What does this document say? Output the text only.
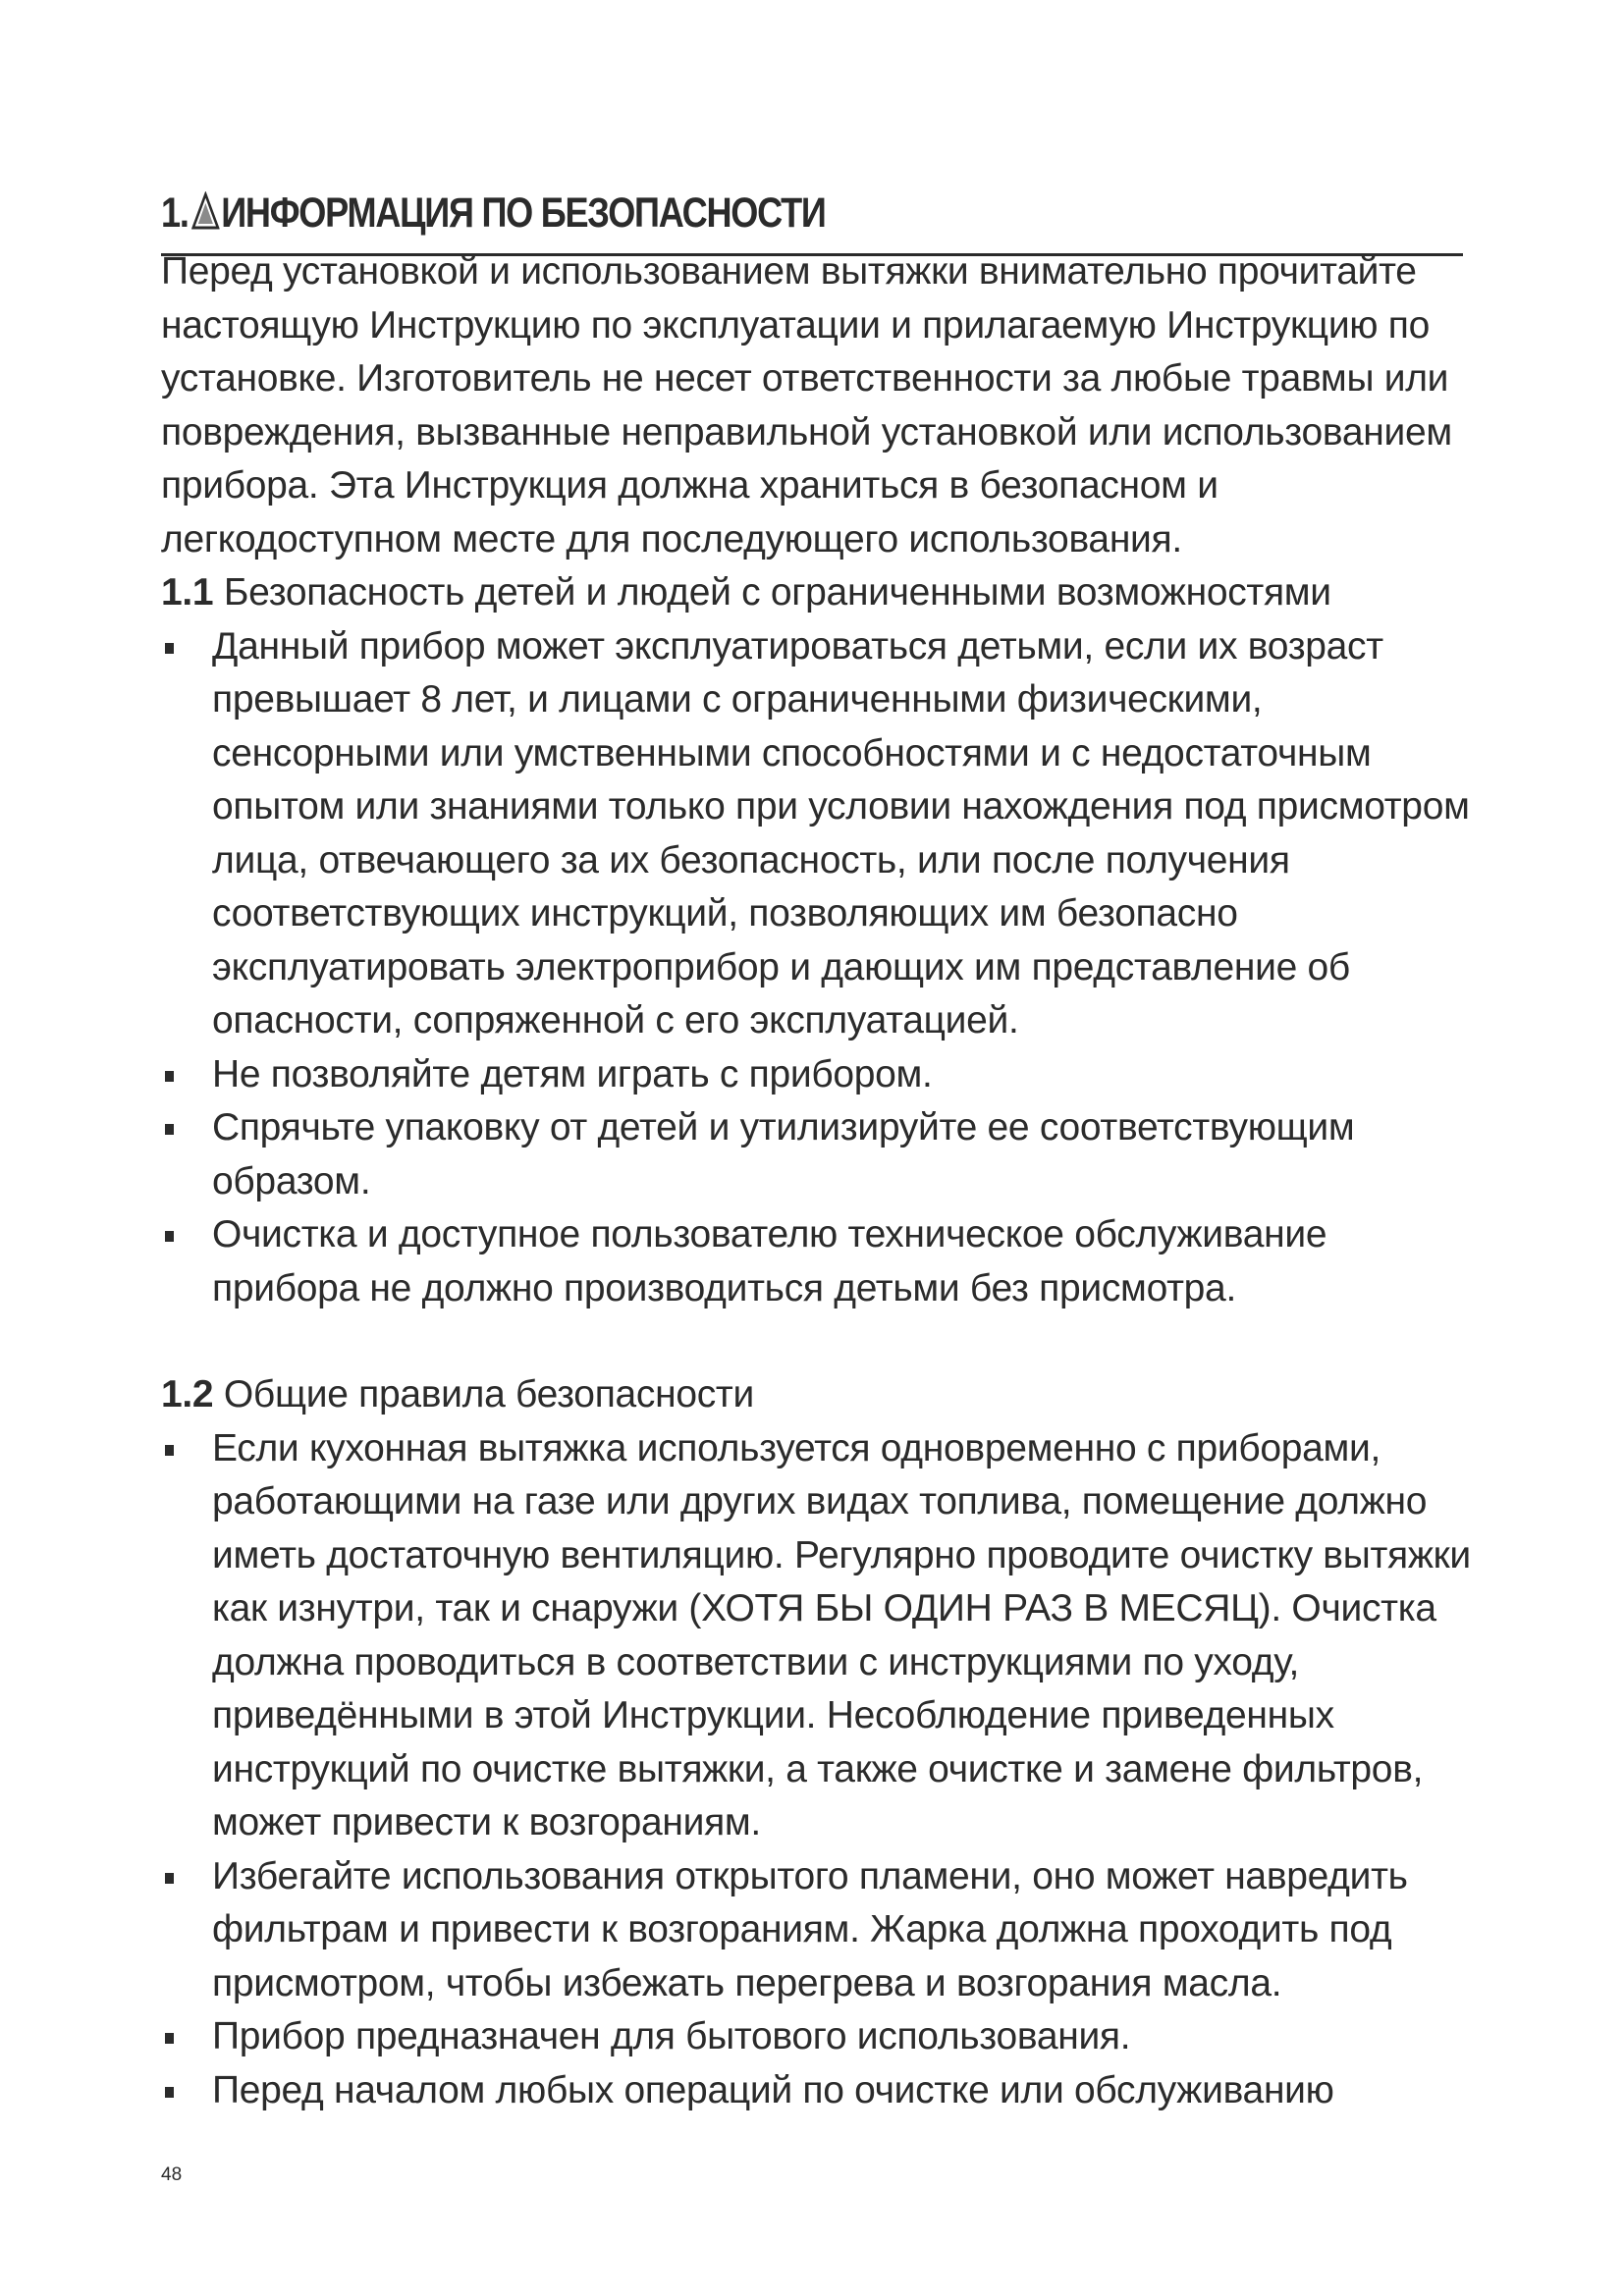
1. ИНФОРМАЦИЯ ПО БЕЗОПАСНОСТИ

Перед установкой и использованием вытяжки внимательно прочитайте настоящую Инструкцию по эксплуатации и прилагаемую Инструкцию по установке. Изготовитель не несет ответственности за любые травмы или повреждения, вызванные неправильной установкой или использованием прибора. Эта Инструкция должна храниться в безопасном и легкодоступном месте для последующего использования.

1.1 Безопасность детей и людей с ограниченными возможностями

Данный прибор может эксплуатироваться детьми, если их возраст превышает 8 лет, и лицами с ограниченными физическими, сенсорными или умственными способностями и с недостаточным опытом или знаниями только при условии нахождения под присмотром лица, отвечающего за их безопасность, или после получения соответствующих инструкций, позволяющих им безопасно эксплуатировать электроприбор и дающих им представление об опасности, сопряженной с его эксплуатацией.
Не позволяйте детям играть с прибором.
Спрячьте упаковку от детей и утилизируйте ее соответствующим образом.
Очистка и доступное пользователю техническое обслуживание прибора не должно производиться детьми без присмотра.

1.2 Общие правила безопасности

Если кухонная вытяжка используется одновременно с приборами, работающими на газе или других видах топлива, помещение должно иметь достаточную вентиляцию. Регулярно проводите очистку вытяжки как изнутри, так и снаружи (ХОТЯ БЫ ОДИН РАЗ В МЕСЯЦ). Очистка должна проводиться в соответствии с инструкциями по уходу, приведёнными в этой Инструкции. Несоблюдение приведенных инструкций по очистке вытяжки, а также очистке и замене фильтров, может привести к возгораниям.
Избегайте использования открытого пламени, оно может навредить фильтрам и привести к возгораниям. Жарка должна проходить под присмотром, чтобы избежать перегрева и возгорания масла.
Прибор предназначен для бытового использования.
Перед началом любых операций по очистке или обслуживанию
48
